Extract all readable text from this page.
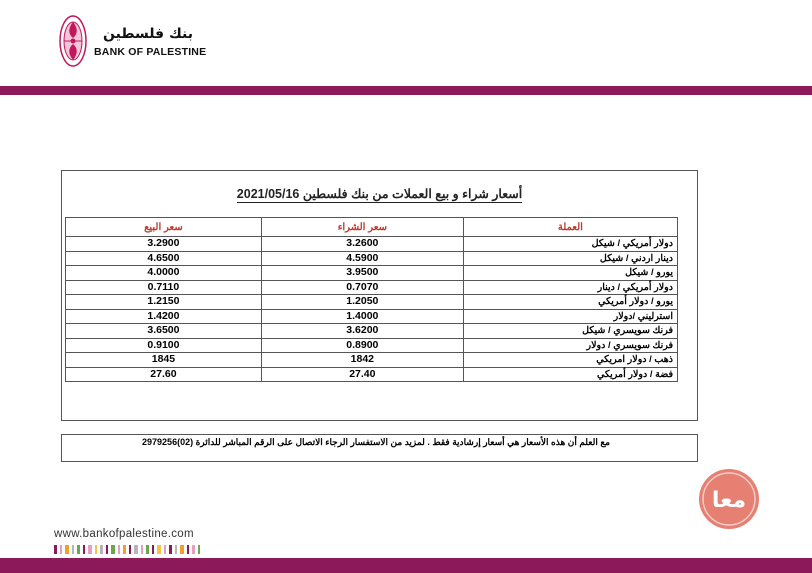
بنك فلسطين
BANK OF PALESTINE
أسعار شراء و بيع العملات من بنك فلسطين 2021/05/16
العملة	سعر الشراء	سعر البيع
دولار أمريكي / شيكل	3.2600	3.2900
دينار اردني / شيكل	4.5900	4.6500
يورو / شيكل	3.9500	4.0000
دولار أمريكي / دينار	0.7070	0.7110
يورو / دولار أمريكي	1.2050	1.2150
استرليني /دولار	1.4000	1.4200
فرنك سويسري / شيكل	3.6200	3.6500
فرنك سويسري / دولار	0.8900	0.9100
ذهب / دولار امريكي	1842	1845
فضة / دولار أمريكي	27.40	27.60
مع العلم أن هذه الأسعار هي أسعار إرشادية فقط . لمزيد من الاستفسار الرجاء الاتصال على الرقم المباشر للدائرة (02)2979256
معا
www.bankofpalestine.com
